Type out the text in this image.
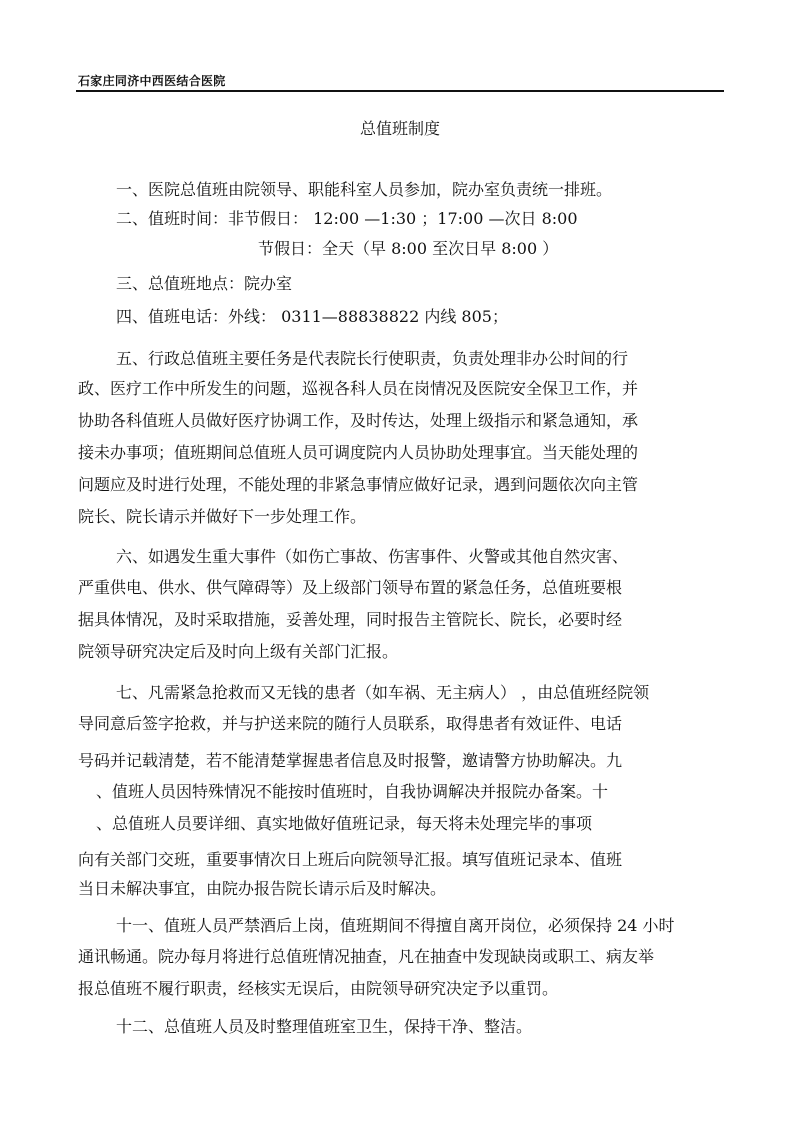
石家庄同济中西医结合医院
总值班制度
一、医院总值班由院领导、职能科室人员参加，院办室负责统一排班。
二、值班时间：非节假日： 12:00 —1:30 ；17:00 —次日 8:00
节假日：全天（早 8:00 至次日早 8:00 ）
三、总值班地点：院办室
四、值班电话：外线： 0311—88838822 内线 805；
五、行政总值班主要任务是代表院长行使职责，负责处理非办公时间的行
政、医疗工作中所发生的问题，巡视各科人员在岗情况及医院安全保卫工作，并
协助各科值班人员做好医疗协调工作，及时传达，处理上级指示和紧急通知，承
接未办事项；值班期间总值班人员可调度院内人员协助处理事宜。当天能处理的
问题应及时进行处理，不能处理的非紧急事情应做好记录，遇到问题依次向主管
院长、院长请示并做好下一步处理工作。
六、如遇发生重大事件（如伤亡事故、伤害事件、火警或其他自然灾害、
严重供电、供水、供气障碍等）及上级部门领导布置的紧急任务，总值班要根
据具体情况，及时采取措施，妥善处理，同时报告主管院长、院长，必要时经
院领导研究决定后及时向上级有关部门汇报。
七、凡需紧急抢救而又无钱的患者（如车祸、无主病人） ，由总值班经院领
导同意后签字抢救，并与护送来院的随行人员联系，取得患者有效证件、电话
号码并记载清楚，若不能清楚掌握患者信息及时报警，邀请警方协助解决。九
、值班人员因特殊情况不能按时值班时，自我协调解决并报院办备案。十
、总值班人员要详细、真实地做好值班记录，每天将未处理完毕的事项
向有关部门交班，重要事情次日上班后向院领导汇报。填写值班记录本、值班
当日未解决事宜，由院办报告院长请示后及时解决。
十一、值班人员严禁酒后上岗，值班期间不得擅自离开岗位，必须保持 24 小时
通讯畅通。院办每月将进行总值班情况抽查，凡在抽查中发现缺岗或职工、病友举
报总值班不履行职责，经核实无误后，由院领导研究决定予以重罚。
十二、总值班人员及时整理值班室卫生，保持干净、整洁。
